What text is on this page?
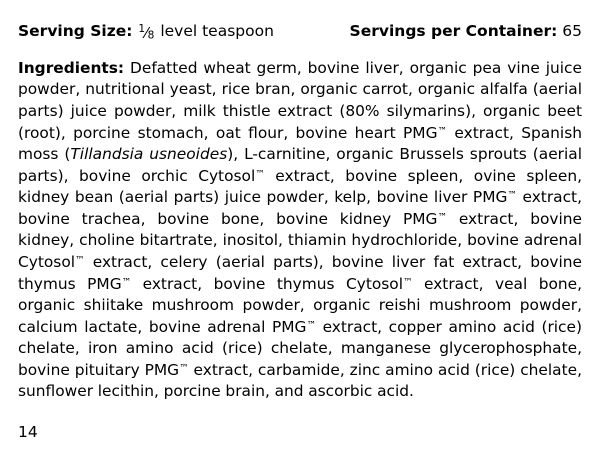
Serving Size: $^1$⁄8 level teaspoon	Servings per Container: 65
Ingredients: Defatted wheat germ, bovine liver, organic pea vine juice powder, nutritional yeast, rice bran, organic carrot, organic alfalfa (aerial parts) juice powder, milk thistle extract (80% silymarins), organic beet (root), porcine stomach, oat flour, bovine heart PMG™ extract, Spanish moss (Tillandsia usneoides), L-carnitine, organic Brussels sprouts (aerial parts), bovine orchic Cytosol™ extract, bovine spleen, ovine spleen, kidney bean (aerial parts) juice powder, kelp, bovine liver PMG™ extract, bovine trachea, bovine bone, bovine kidney PMG™ extract, bovine kidney, choline bitartrate, inositol, thiamin hydrochloride, bovine adrenal Cytosol™ extract, celery (aerial parts), bovine liver fat extract, bovine thymus PMG™ extract, bovine thymus Cytosol™ extract, veal bone, organic shiitake mushroom powder, organic reishi mushroom powder, calcium lactate, bovine adrenal PMG™ extract, copper amino acid (rice) chelate, iron amino acid (rice) chelate, manganese glycerophosphate, bovine pituitary PMG™ extract, carbamide, zinc amino acid (rice) chelate, sunflower lecithin, porcine brain, and ascorbic acid.
14
